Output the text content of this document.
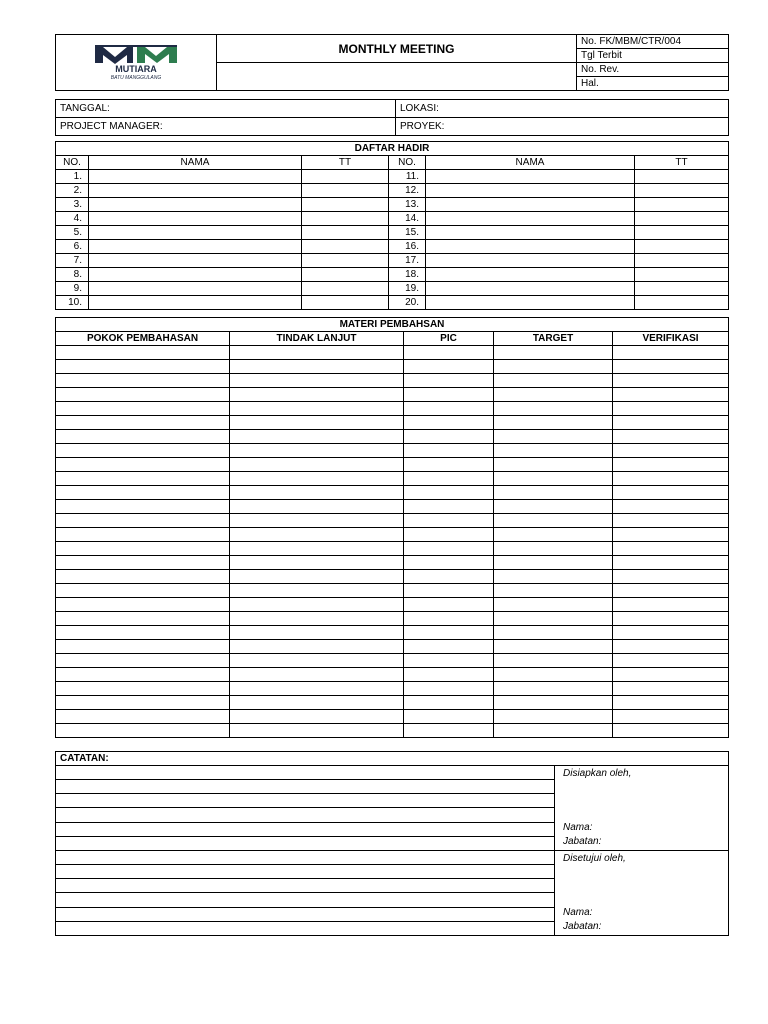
MUTIARA
BATU MANGGULANG	MONTHLY MEETING	No. FK/MBM/CTR/004
		Tgl Terbit
		No. Rev.
		Hal.
TANGGAL:	LOKASI:
PROJECT MANAGER:	PROYEK:
DAFTAR HADIR					
NO.	NAMA	TT	NO.	NAMA	TT
1.			11.		
2.			12.		
3.			13.		
4.			14.		
5.			15.		
6.			16.		
7.			17.		
8.			18.		
9.			19.		
10.			20.		
MATERI PEMBAHSAN				
POKOK PEMBAHASAN	TINDAK LANJUT	PIC	TARGET	VERIFIKASI

CATATAN:	

	Disiapkan oleh,
Nama:
Jabatan:

	Disetujui oleh,
Nama:
Jabatan:
